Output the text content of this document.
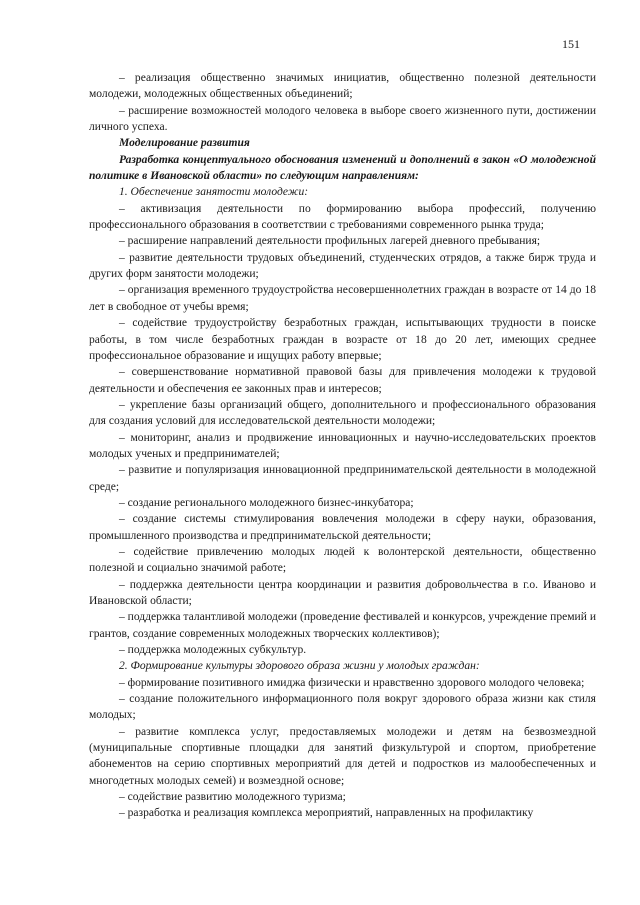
151

– реализация общественно значимых инициатив, общественно полезной деятельности молодежи, молодежных общественных объединений;

– расширение возможностей молодого человека в выборе своего жизненного пути, достижении личного успеха.

Моделирование развития

Разработка концептуального обоснования изменений и дополнений в закон «О молодежной политике в Ивановской области» по следующим направлениям:

1. Обеспечение занятости молодежи:

– активизация деятельности по формированию выбора профессий, получению профессионального образования в соответствии с требованиями современного рынка труда;

– расширение направлений деятельности профильных лагерей дневного пребывания;

– развитие деятельности трудовых объединений, студенческих отрядов, а также бирж труда и других форм занятости молодежи;

– организация временного трудоустройства несовершеннолетних граждан в возрасте от 14 до 18 лет в свободное от учебы время;

– содействие трудоустройству безработных граждан, испытывающих трудности в поиске работы, в том числе безработных граждан в возрасте от 18 до 20 лет, имеющих среднее профессиональное образование и ищущих работу впервые;

– совершенствование нормативной правовой базы для привлечения молодежи к трудовой деятельности и обеспечения ее законных прав и интересов;

– укрепление базы организаций общего, дополнительного и профессионального образования для создания условий для исследовательской деятельности молодежи;

– мониторинг, анализ и продвижение инновационных и научно-исследовательских проектов молодых ученых и предпринимателей;

– развитие и популяризация инновационной предпринимательской деятельности в молодежной среде;

– создание регионального молодежного бизнес-инкубатора;

– создание системы стимулирования вовлечения молодежи в сферу науки, образования, промышленного производства и предпринимательской деятельности;

– содействие привлечению молодых людей к волонтерской деятельности, общественно полезной и социально значимой работе;

– поддержка деятельности центра координации и развития добровольчества в г.о. Иваново и Ивановской области;

– поддержка талантливой молодежи (проведение фестивалей и конкурсов, учреждение премий и грантов, создание современных молодежных творческих коллективов);

– поддержка молодежных субкультур.

2. Формирование культуры здорового образа жизни у молодых граждан:

– формирование позитивного имиджа физически и нравственно здорового молодого человека;

– создание положительного информационного поля вокруг здорового образа жизни как стиля молодых;

– развитие комплекса услуг, предоставляемых молодежи и детям на безвозмездной (муниципальные спортивные площадки для занятий физкультурой и спортом, приобретение абонементов на серию спортивных мероприятий для детей и подростков из малообеспеченных и многодетных молодых семей) и возмездной основе;

– содействие развитию молодежного туризма;

– разработка и реализация комплекса мероприятий, направленных на профилактику
